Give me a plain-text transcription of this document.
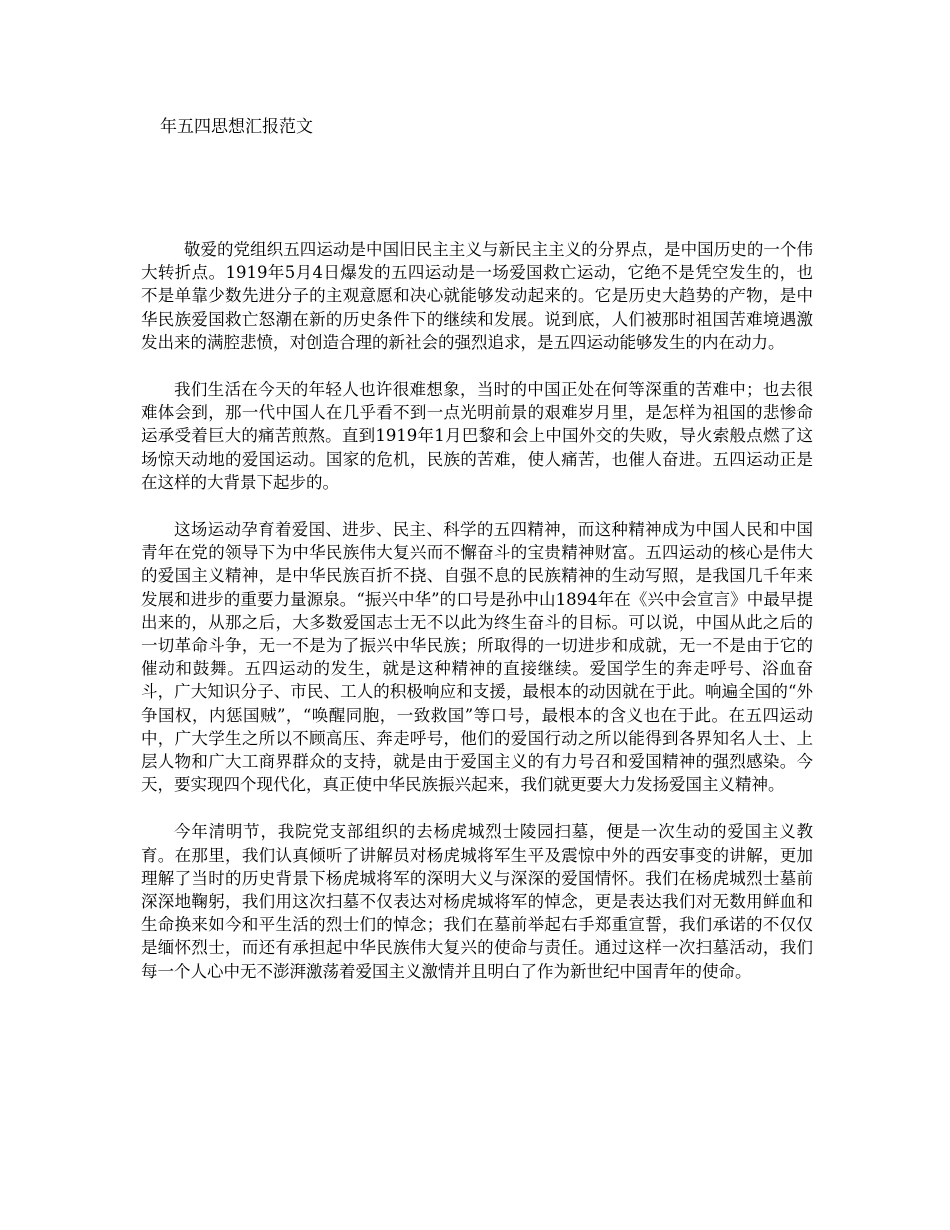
年五四思想汇报范文

敬爱的党组织五四运动是中国旧民主主义与新民主主义的分界点，是中国历史的一个伟大转折点。1919年5月4日爆发的五四运动是一场爱国救亡运动，它绝不是凭空发生的，也不是单靠少数先进分子的主观意愿和决心就能够发动起来的。它是历史大趋势的产物，是中华民族爱国救亡怒潮在新的历史条件下的继续和发展。说到底，人们被那时祖国苦难境遇激发出来的满腔悲愤，对创造合理的新社会的强烈追求，是五四运动能够发生的内在动力。

我们生活在今天的年轻人也许很难想象，当时的中国正处在何等深重的苦难中；也去很难体会到，那一代中国人在几乎看不到一点光明前景的艰难岁月里，是怎样为祖国的悲惨命运承受着巨大的痛苦煎熬。直到1919年1月巴黎和会上中国外交的失败，导火索般点燃了这场惊天动地的爱国运动。国家的危机，民族的苦难，使人痛苦，也催人奋进。五四运动正是在这样的大背景下起步的。

这场运动孕育着爱国、进步、民主、科学的五四精神，而这种精神成为中国人民和中国青年在党的领导下为中华民族伟大复兴而不懈奋斗的宝贵精神财富。五四运动的核心是伟大的爱国主义精神，是中华民族百折不挠、自强不息的民族精神的生动写照，是我国几千年来发展和进步的重要力量源泉。“振兴中华”的口号是孙中山1894年在《兴中会宣言》中最早提出来的，从那之后，大多数爱国志士无不以此为终生奋斗的目标。可以说，中国从此之后的一切革命斗争，无一不是为了振兴中华民族；所取得的一切进步和成就，无一不是由于它的催动和鼓舞。五四运动的发生，就是这种精神的直接继续。爱国学生的奔走呼号、浴血奋斗，广大知识分子、市民、工人的积极响应和支援，最根本的动因就在于此。响遍全国的“外争国权，内惩国贼”，“唤醒同胞，一致救国”等口号，最根本的含义也在于此。在五四运动中，广大学生之所以不顾高压、奔走呼号，他们的爱国行动之所以能得到各界知名人士、上层人物和广大工商界群众的支持，就是由于爱国主义的有力号召和爱国精神的强烈感染。今天，要实现四个现代化，真正使中华民族振兴起来，我们就更要大力发扬爱国主义精神。

今年清明节，我院党支部组织的去杨虎城烈士陵园扫墓，便是一次生动的爱国主义教育。在那里，我们认真倾听了讲解员对杨虎城将军生平及震惊中外的西安事变的讲解，更加理解了当时的历史背景下杨虎城将军的深明大义与深深的爱国情怀。我们在杨虎城烈士墓前深深地鞠躬，我们用这次扫墓不仅表达对杨虎城将军的悼念，更是表达我们对无数用鲜血和生命换来如今和平生活的烈士们的悼念；我们在墓前举起右手郑重宣誓，我们承诺的不仅仅是缅怀烈士，而还有承担起中华民族伟大复兴的使命与责任。通过这样一次扫墓活动，我们每一个人心中无不澎湃激荡着爱国主义激情并且明白了作为新世纪中国青年的使命。
